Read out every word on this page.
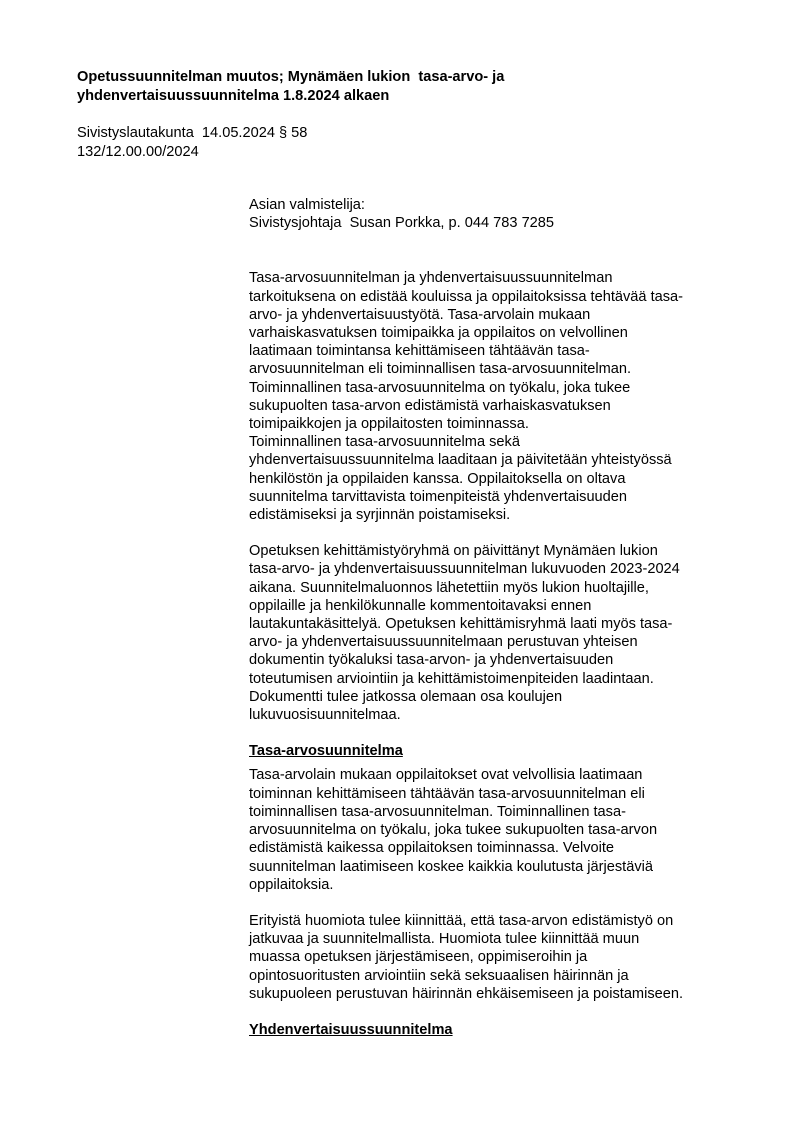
Opetussuunnitelman muutos; Mynämäen lukion  tasa-arvo- ja
yhdenvertaisuussuunnitelma 1.8.2024 alkaen
Sivistyslautakunta  14.05.2024 § 58
132/12.00.00/2024
Asian valmistelija:
Sivistysjohtaja  Susan Porkka, p. 044 783 7285

Tasa-arvosuunnitelman ja yhdenvertaisuussuunnitelman
tarkoituksena on edistää kouluissa ja oppilaitoksissa tehtävää tasa-
arvo- ja yhdenvertaisuustyötä. Tasa-arvolain mukaan
varhaiskasvatuksen toimipaikka ja oppilaitos on velvollinen
laatimaan toimintansa kehittämiseen tähtäävän tasa-
arvosuunnitelman eli toiminnallisen tasa-arvosuunnitelman.
Toiminnallinen tasa-arvosuunnitelma on työkalu, joka tukee
sukupuolten tasa-arvon edistämistä varhaiskasvatuksen
toimipaikkojen ja oppilaitosten toiminnassa.
Toiminnallinen tasa-arvosuunnitelma sekä
yhdenvertaisuussuunnitelma laaditaan ja päivitetään yhteistyössä
henkilöstön ja oppilaiden kanssa. Oppilaitoksella on oltava
suunnitelma tarvittavista toimenpiteistä yhdenvertaisuuden
edistämiseksi ja syrjinnän poistamiseksi.

Opetuksen kehittämistyöryhmä on päivittänyt Mynämäen lukion
tasa-arvo- ja yhdenvertaisuussuunnitelman lukuvuoden 2023-2024
aikana. Suunnitelmaluonnos lähetettiin myös lukion huoltajille,
oppilaille ja henkilökunnalle kommentoitavaksi ennen
lautakuntakäsittelyä. Opetuksen kehittämisryhmä laati myös tasa-
arvo- ja yhdenvertaisuussuunnitelmaan perustuvan yhteisen
dokumentin työkaluksi tasa-arvon- ja yhdenvertaisuuden
toteutumisen arviointiin ja kehittämistoimenpiteiden laadintaan.
Dokumentti tulee jatkossa olemaan osa koulujen
lukuvuosisuunnitelmaa.

Tasa-arvosuunnitelma

Tasa-arvolain mukaan oppilaitokset ovat velvollisia laatimaan
toiminnan kehittämiseen tähtäävän tasa-arvosuunnitelman eli
toiminnallisen tasa-arvosuunnitelman. Toiminnallinen tasa-
arvosuunnitelma on työkalu, joka tukee sukupuolten tasa-arvon
edistämistä kaikessa oppilaitoksen toiminnassa. Velvoite
suunnitelman laatimiseen koskee kaikkia koulutusta järjestäviä
oppilaitoksia.

Erityistä huomiota tulee kiinnittää, että tasa-arvon edistämistyö on
jatkuvaa ja suunnitelmallista. Huomiota tulee kiinnittää muun
muassa opetuksen järjestämiseen, oppimiseroihin ja
opintosuoritusten arviointiin sekä seksuaalisen häirinnän ja
sukupuoleen perustuvan häirinnän ehkäisemiseen ja poistamiseen.

Yhdenvertaisuussuunnitelma
